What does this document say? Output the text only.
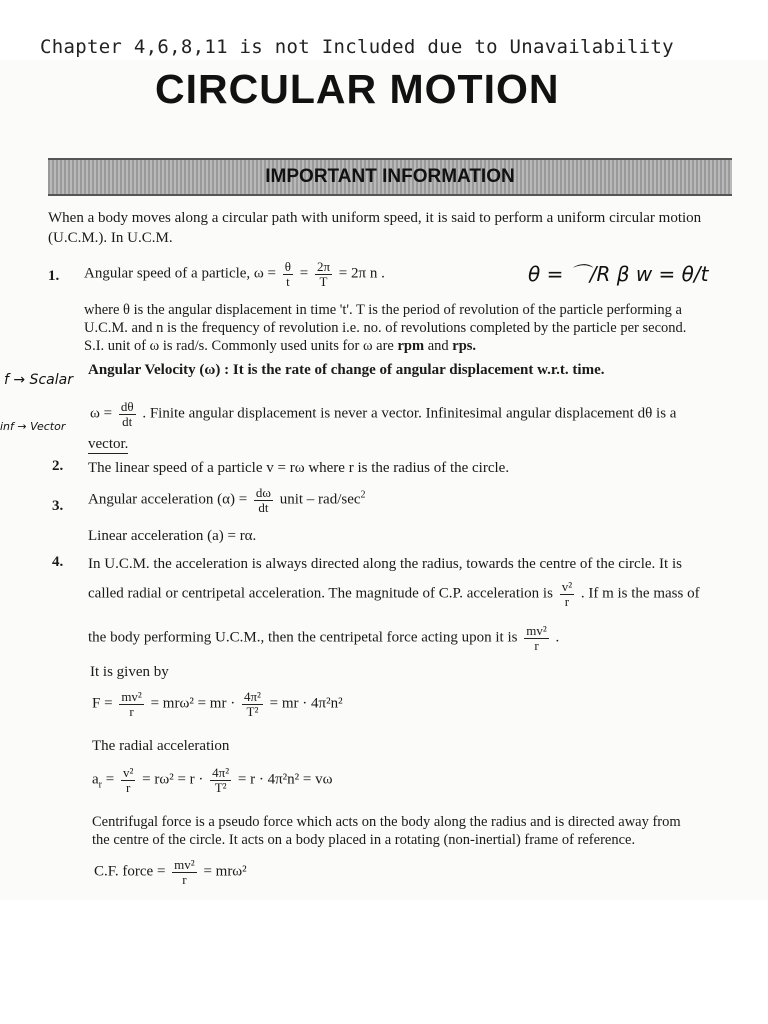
Chapter 4,6,8,11 is not Included due to Unavailability
CIRCULAR MOTION
IMPORTANT INFORMATION
When a body moves along a circular path with uniform speed, it is said to perform a uniform circular motion
(U.C.M.). In U.C.M.
1. Angular speed of a particle, $\omega = \frac{\theta}{t} = \frac{2\pi}{T} = 2\pi$ n .	θ = ⌒/R β w = θ/t
where θ is the angular displacement in time 't'. T is the period of revolution of the particle performing a
U.C.M. and n is the frequency of revolution i.e. no. of revolutions completed by the particle per second.
S.I. unit of ω is rad/s. Commonly used units for ω are rpm and rps.
f → Scalar
Angular Velocity (ω) : It is the rate of change of angular displacement w.r.t. time.
inf → Vector
$\omega = \frac{d\theta}{dt}$ . Finite angular displacement is never a vector. Infinitesimal angular displacement dθ is a
vector.
2. The linear speed of a particle v = rω where r is the radius of the circle.
3. Angular acceleration $(\alpha) = \frac{d\omega}{dt}$ unit – rad/$\sec^2$
Linear acceleration (a) = rα.
4. In U.C.M. the acceleration is always directed along the radius, towards the centre of the circle. It is
called radial or centripetal acceleration. The magnitude of C.P. acceleration is $\frac{\text{v²}}{r}$ . If m is the mass of
the body performing U.C.M., then the centripetal force acting upon it is $\frac{\text{mv²}}{r}$ .
It is given by
$F = \frac{\text{mv²}}{r} = mr\omega^2$ = mr · $\frac{\text{4π²}}{\text{T²}}$ = mr · 4π²n²
The radial acceleration
$a_r = \frac{\text{v²}}{r} = r\omega^2 = r \cdot \frac{\text{4π²}}{\text{T²}} = r \cdot 4\pi^2n^2 = v\omega$
Centrifugal force is a pseudo force which acts on the body along the radius and is directed away from
the centre of the circle. It acts on a body placed in a rotating (non-inertial) frame of reference.
C.F. force = $\frac{\text{mv²}}{r} = mr\omega^2$
